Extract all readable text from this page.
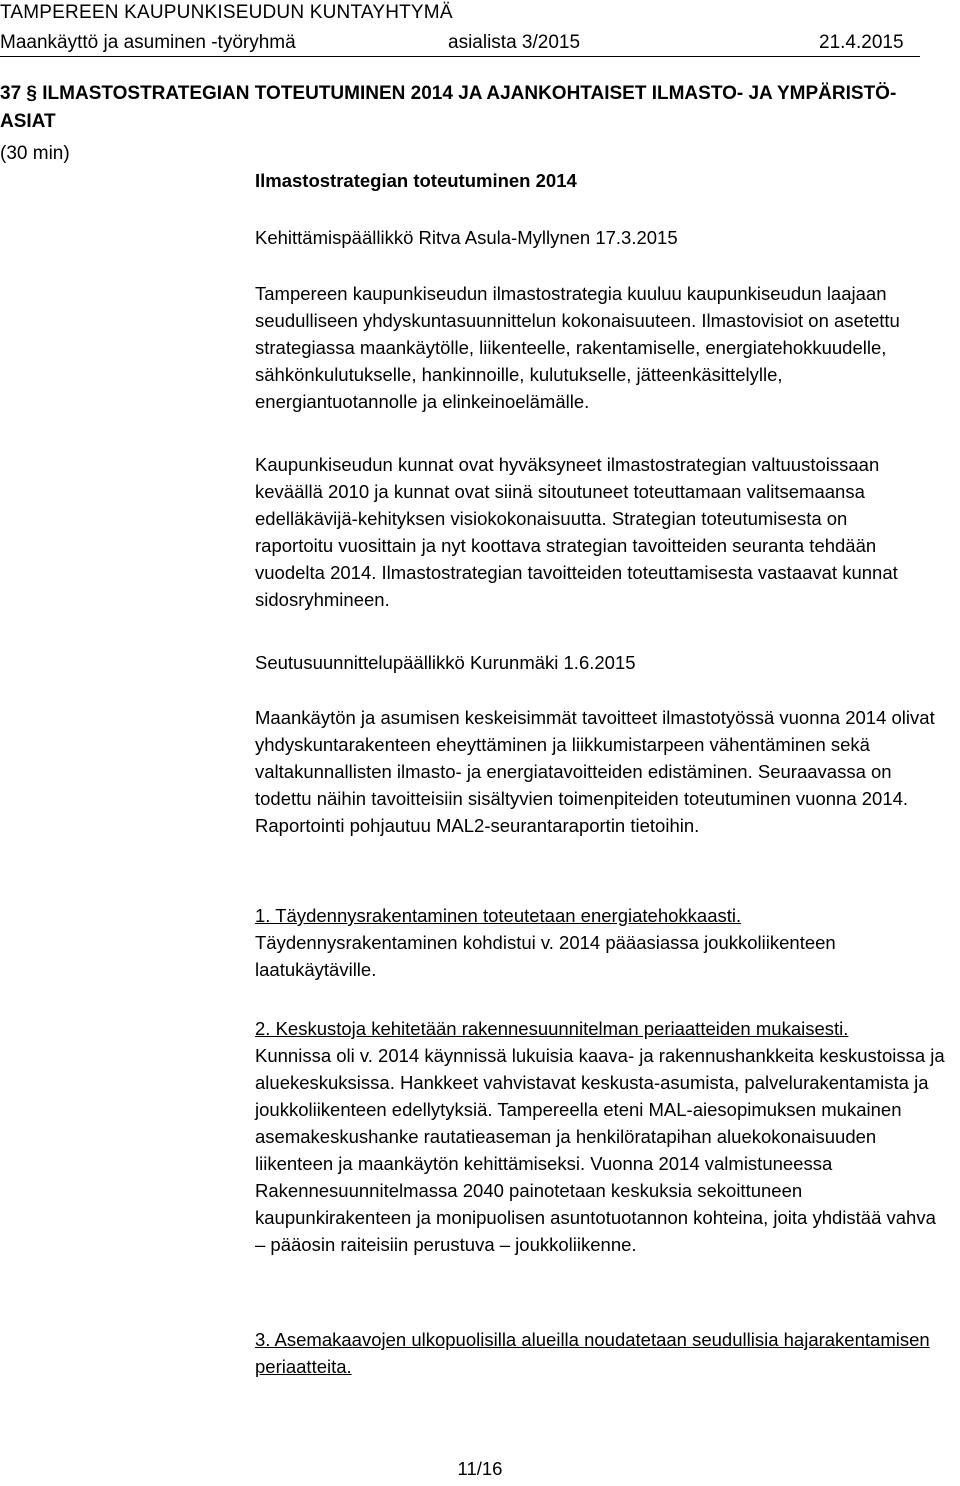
TAMPEREEN KAUPUNKISEUDUN KUNTAYHTYMÄ
Maankäyttö ja asuminen -työryhmä	asialista 3/2015	21.4.2015
37 § ILMASTOSTRATEGIAN TOTEUTUMINEN 2014 JA AJANKOHTAISET ILMASTO- JA YMPÄRISTÖ-ASIAT
(30 min)
Ilmastostrategian toteutuminen 2014
Kehittämispäällikkö Ritva Asula-Myllynen 17.3.2015

Tampereen kaupunkiseudun ilmastostrategia kuuluu kaupunkiseudun laajaan seudulliseen yhdyskuntasuunnittelun kokonaisuuteen. Ilmastovisiot on asetettu strategiassa maankäytölle, liikenteelle, rakentamiselle, energiatehokkuudelle, sähkönkulutukselle, hankinnoille, kulutukselle, jätteenkäsittelylle, energiantuotannolle ja elinkeinoelämälle.

Kaupunkiseudun kunnat ovat hyväksyneet ilmastostrategian valtuustoissaan keväällä 2010 ja kunnat ovat siinä sitoutuneet toteuttamaan valitsemaansa edelläkävijä-kehityksen visiokokonaisuutta. Strategian toteutumisesta on raportoitu vuosittain ja nyt koottava strategian tavoitteiden seuranta tehdään vuodelta 2014. Ilmastostrategian tavoitteiden toteuttamisesta vastaavat kunnat sidosryhmineen.

Seutusuunnittelupäällikkö Kurunmäki 1.6.2015

Maankäytön ja asumisen keskeisimmät tavoitteet ilmastotyössä vuonna 2014 olivat yhdyskuntarakenteen eheyttäminen ja liikkumistarpeen vähentäminen sekä valtakunnallisten ilmasto- ja energiatavoitteiden edistäminen. Seuraavassa on todettu näihin tavoitteisiin sisältyvien toimenpiteiden toteutuminen vuonna 2014. Raportointi pohjautuu MAL2-seurantaraportin tietoihin.

1. Täydennysrakentaminen toteutetaan energiatehokkaasti.

Täydennysrakentaminen kohdistui v. 2014 pääasiassa joukkoliikenteen laatukäytäville.

2. Keskustoja kehitetään rakennesuunnitelman periaatteiden mukaisesti.

Kunnissa oli v. 2014 käynnissä lukuisia kaava- ja rakennushankkeita keskustoissa ja aluekeskuksissa. Hankkeet vahvistavat keskusta-asumista, palvelurakentamista ja joukkoliikenteen edellytyksiä. Tampereella eteni MAL-aiesopimuksen mukainen asemakeskushanke rautatieaseman ja henkilöratapihan aluekokonaisuuden liikenteen ja maankäytön kehittämiseksi. Vuonna 2014 valmistuneessa Rakennesuunnitelmassa 2040 painotetaan keskuksia sekoittuneen kaupunkirakenteen ja monipuolisen asuntotuotannon kohteina, joita yhdistää vahva – pääosin raiteisiin perustuva – joukkoliikenne.

3. Asemakaavojen ulkopuolisilla alueilla noudatetaan seudullisia hajarakentamisen periaatteita.

11/16
